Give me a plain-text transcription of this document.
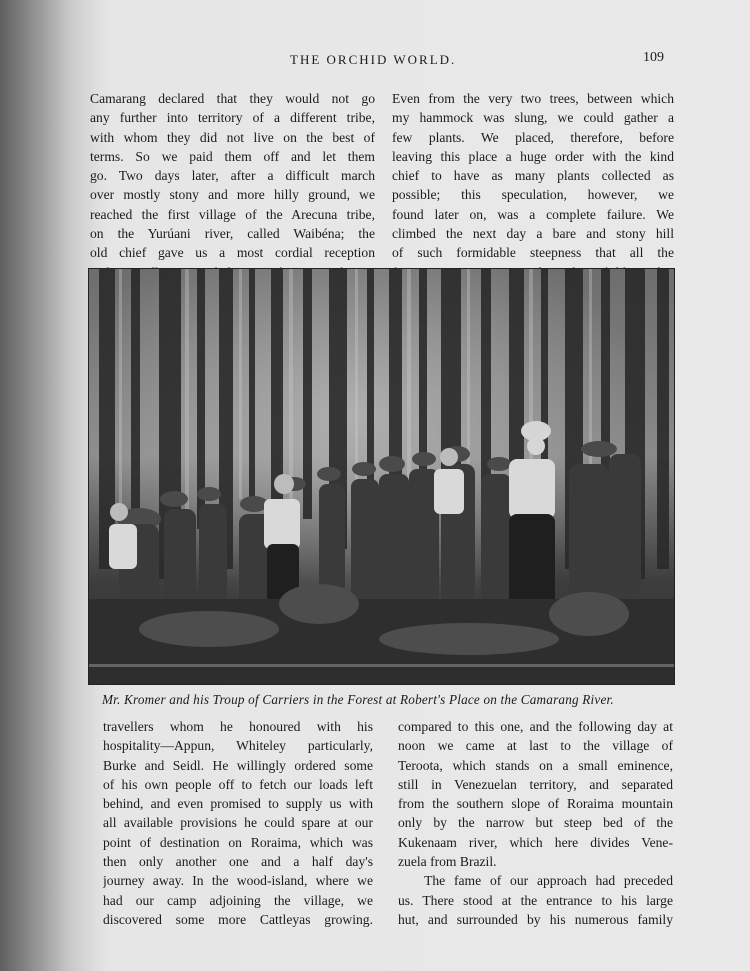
THE ORCHID WORLD.	109
Camarang declared that they would not go
any further into territory of a different tribe,
with whom they did not live on the best of
terms. So we paid them off and let them
go. Two days later, after a difficult march
over mostly stony and more hilly ground, we
reached the first village of the Arecuna tribe,
on the Yurúani river, called Waibéna; the
old chief gave us a most cordial reception
Even from the very two trees, between which
my hammock was slung, we could gather a
few plants. We placed, therefore, before
leaving this place a huge order with the kind
chief to have as many plants collected as
possible; this speculation, however, we
found later on, was a complete failure. We
climbed the next day a bare and stony hill
of such formidable steepness that all the
Mr. Kromer and his Troup of Carriers in the Forest at Robert's Place on the Camarang River.
travellers whom he honoured with his
hospitality—Appun, Whiteley particularly,
Burke and Seidl. He willingly ordered some
of his own people off to fetch our loads left
behind, and even promised to supply us with
all available provisions he could spare at our
point of destination on Roraima, which was
then only another one and a half day's
journey away. In the wood-island, where we
had our camp adjoining the village, we
discovered some more Cattleyas growing.
compared to this one, and the following day at
noon we came at last to the village of
Teroota, which stands on a small eminence,
still in Venezuelan territory, and separated
from the southern slope of Roraima mountain
only by the narrow but steep bed of the
Kukenaam river, which here divides Vene-
zuela from Brazil.
The fame of our approach had preceded
us. There stood at the entrance to his large
hut, and surrounded by his numerous family
